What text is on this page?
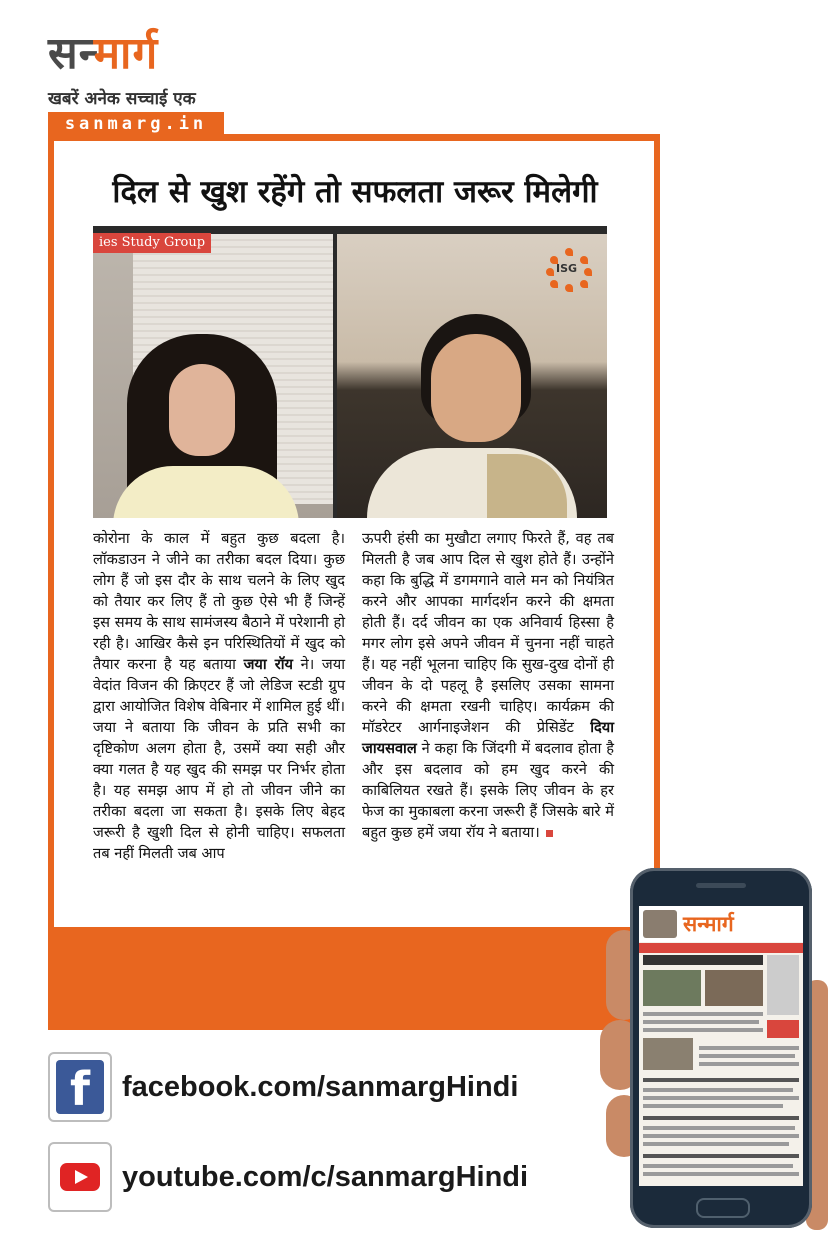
सन्मार्ग
खबरें अनेक सच्चाई एक
sanmarg.in
दिल से खुश रहेंगे तो सफलता जरूर मिलेगी
ies Study Group
ISG

कोरोना के काल में बहुत कुछ बदला है। लॉकडाउन ने जीने का तरीका बदल दिया। कुछ लोग हैं जो इस दौर के साथ चलने के लिए खुद को तैयार कर लिए हैं तो कुछ ऐसे भी हैं जिन्हें इस समय के साथ सामंजस्य बैठाने में परेशानी हो रही है। आखिर कैसे इन परिस्थितियों में खुद को तैयार करना है यह बताया जया रॉय ने। जया वेदांत विजन की क्रिएटर हैं जो लेडिज स्टडी ग्रुप द्वारा आयोजित विशेष वेबिनार में शामिल हुई थीं। जया ने बताया कि जीवन के प्रति सभी का दृष्टिकोण अलग होता है, उसमें क्या सही और क्या गलत है यह खुद की समझ पर निर्भर होता है। यह समझ आप में हो तो जीवन जीने का तरीका बदला जा सकता है। इसके लिए बेहद जरूरी है खुशी दिल से होनी चाहिए। सफलता तब नहीं मिलती जब आप

ऊपरी हंसी का मुखौटा लगाए फिरते हैं, वह तब मिलती है जब आप दिल से खुश होते हैं। उन्होंने कहा कि बुद्धि में डगमगाने वाले मन को नियंत्रित करने और आपका मार्गदर्शन करने की क्षमता होती हैं। दर्द जीवन का एक अनिवार्य हिस्सा है मगर लोग इसे अपने जीवन में चुनना नहीं चाहते हैं। यह नहीं भूलना चाहिए कि सुख-दुख दोनों ही जीवन के दो पहलू है इसलिए उसका सामना करने की क्षमता रखनी चाहिए। कार्यक्रम की मॉडरेटर आर्गनाइजेशन की प्रेसिडेंट दिया जायसवाल ने कहा कि जिंदगी में बदलाव होता है और इस बदलाव को हम खुद करने की काबिलियत रखते हैं। इसके लिए जीवन के हर फेज का मुकाबला करना जरूरी हैं जिसके बारे में बहुत कुछ हमें जया रॉय ने बताया।

f	facebook.com/sanmargHindi
youtube.com/c/sanmargHindi
सन्मार्ग
